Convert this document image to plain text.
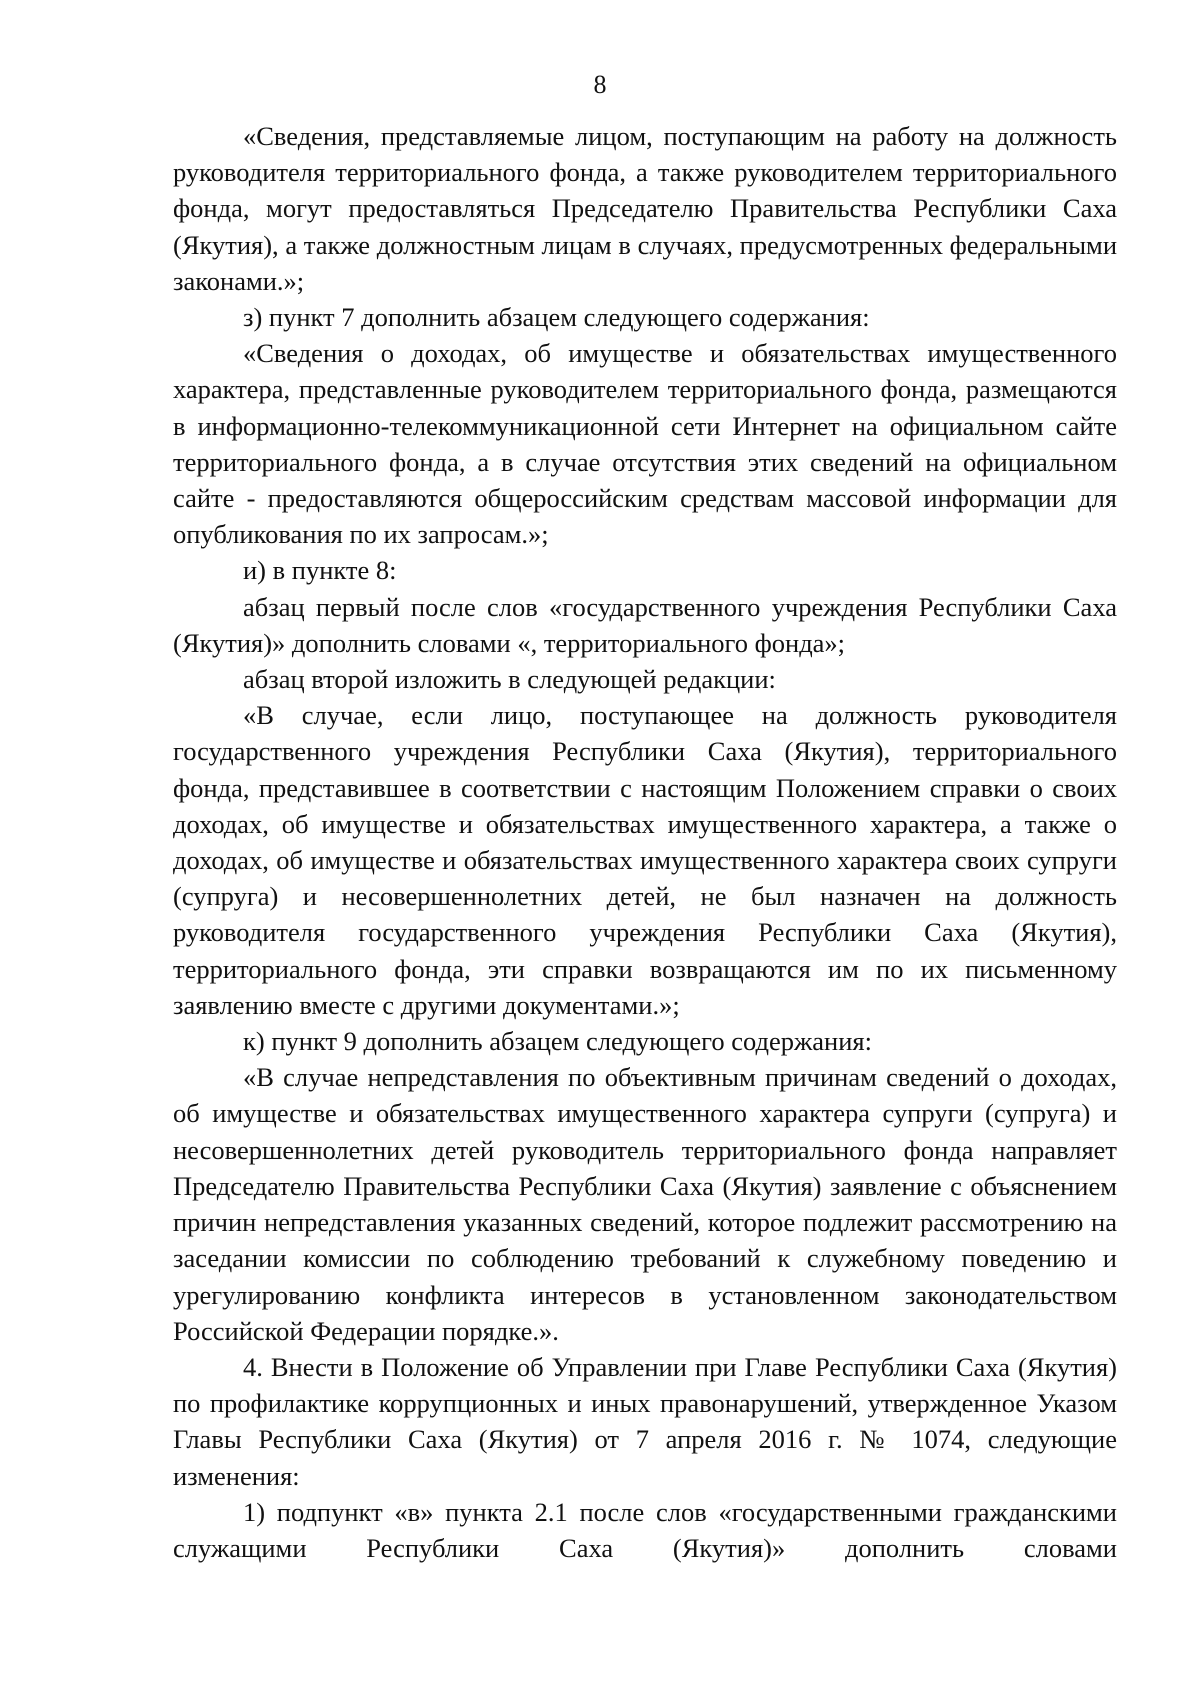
8

«Сведения, представляемые лицом, поступающим на работу на должность руководителя территориального фонда, а также руководителем территориального фонда, могут предоставляться Председателю Правительства Республики Саха (Якутия), а также должностным лицам в случаях, предусмотренных федеральными законами.»;

з) пункт 7 дополнить абзацем следующего содержания:

«Сведения о доходах, об имуществе и обязательствах имущественного характера, представленные руководителем территориального фонда, размещаются в информационно-телекоммуникационной сети Интернет на официальном сайте территориального фонда, а в случае отсутствия этих сведений на официальном сайте - предоставляются общероссийским средствам массовой информации для опубликования по их запросам.»;

и) в пункте 8:

абзац первый после слов «государственного учреждения Республики Саха (Якутия)» дополнить словами «, территориального фонда»;

абзац второй изложить в следующей редакции:

«В случае, если лицо, поступающее на должность руководителя государственного учреждения Республики Саха (Якутия), территориального фонда, представившее в соответствии с настоящим Положением справки о своих доходах, об имуществе и обязательствах имущественного характера, а также о доходах, об имуществе и обязательствах имущественного характера своих супруги (супруга) и несовершеннолетних детей, не был назначен на должность руководителя государственного учреждения Республики Саха (Якутия), территориального фонда, эти справки возвращаются им по их письменному заявлению вместе с другими документами.»;

к) пункт 9 дополнить абзацем следующего содержания:

«В случае непредставления по объективным причинам сведений о доходах, об имуществе и обязательствах имущественного характера супруги (супруга) и несовершеннолетних детей руководитель территориального фонда направляет Председателю Правительства Республики Саха (Якутия) заявление с объяснением причин непредставления указанных сведений, которое подлежит рассмотрению на заседании комиссии по соблюдению требований к служебному поведению и урегулированию конфликта интересов в установленном законодательством Российской Федерации порядке.».

4. Внести в Положение об Управлении при Главе Республики Саха (Якутия) по профилактике коррупционных и иных правонарушений, утвержденное Указом Главы Республики Саха (Якутия) от 7 апреля 2016 г. № 1074, следующие изменения:

1) подпункт «в» пункта 2.1 после слов «государственными гражданскими служащими Республики Саха (Якутия)» дополнить словами
